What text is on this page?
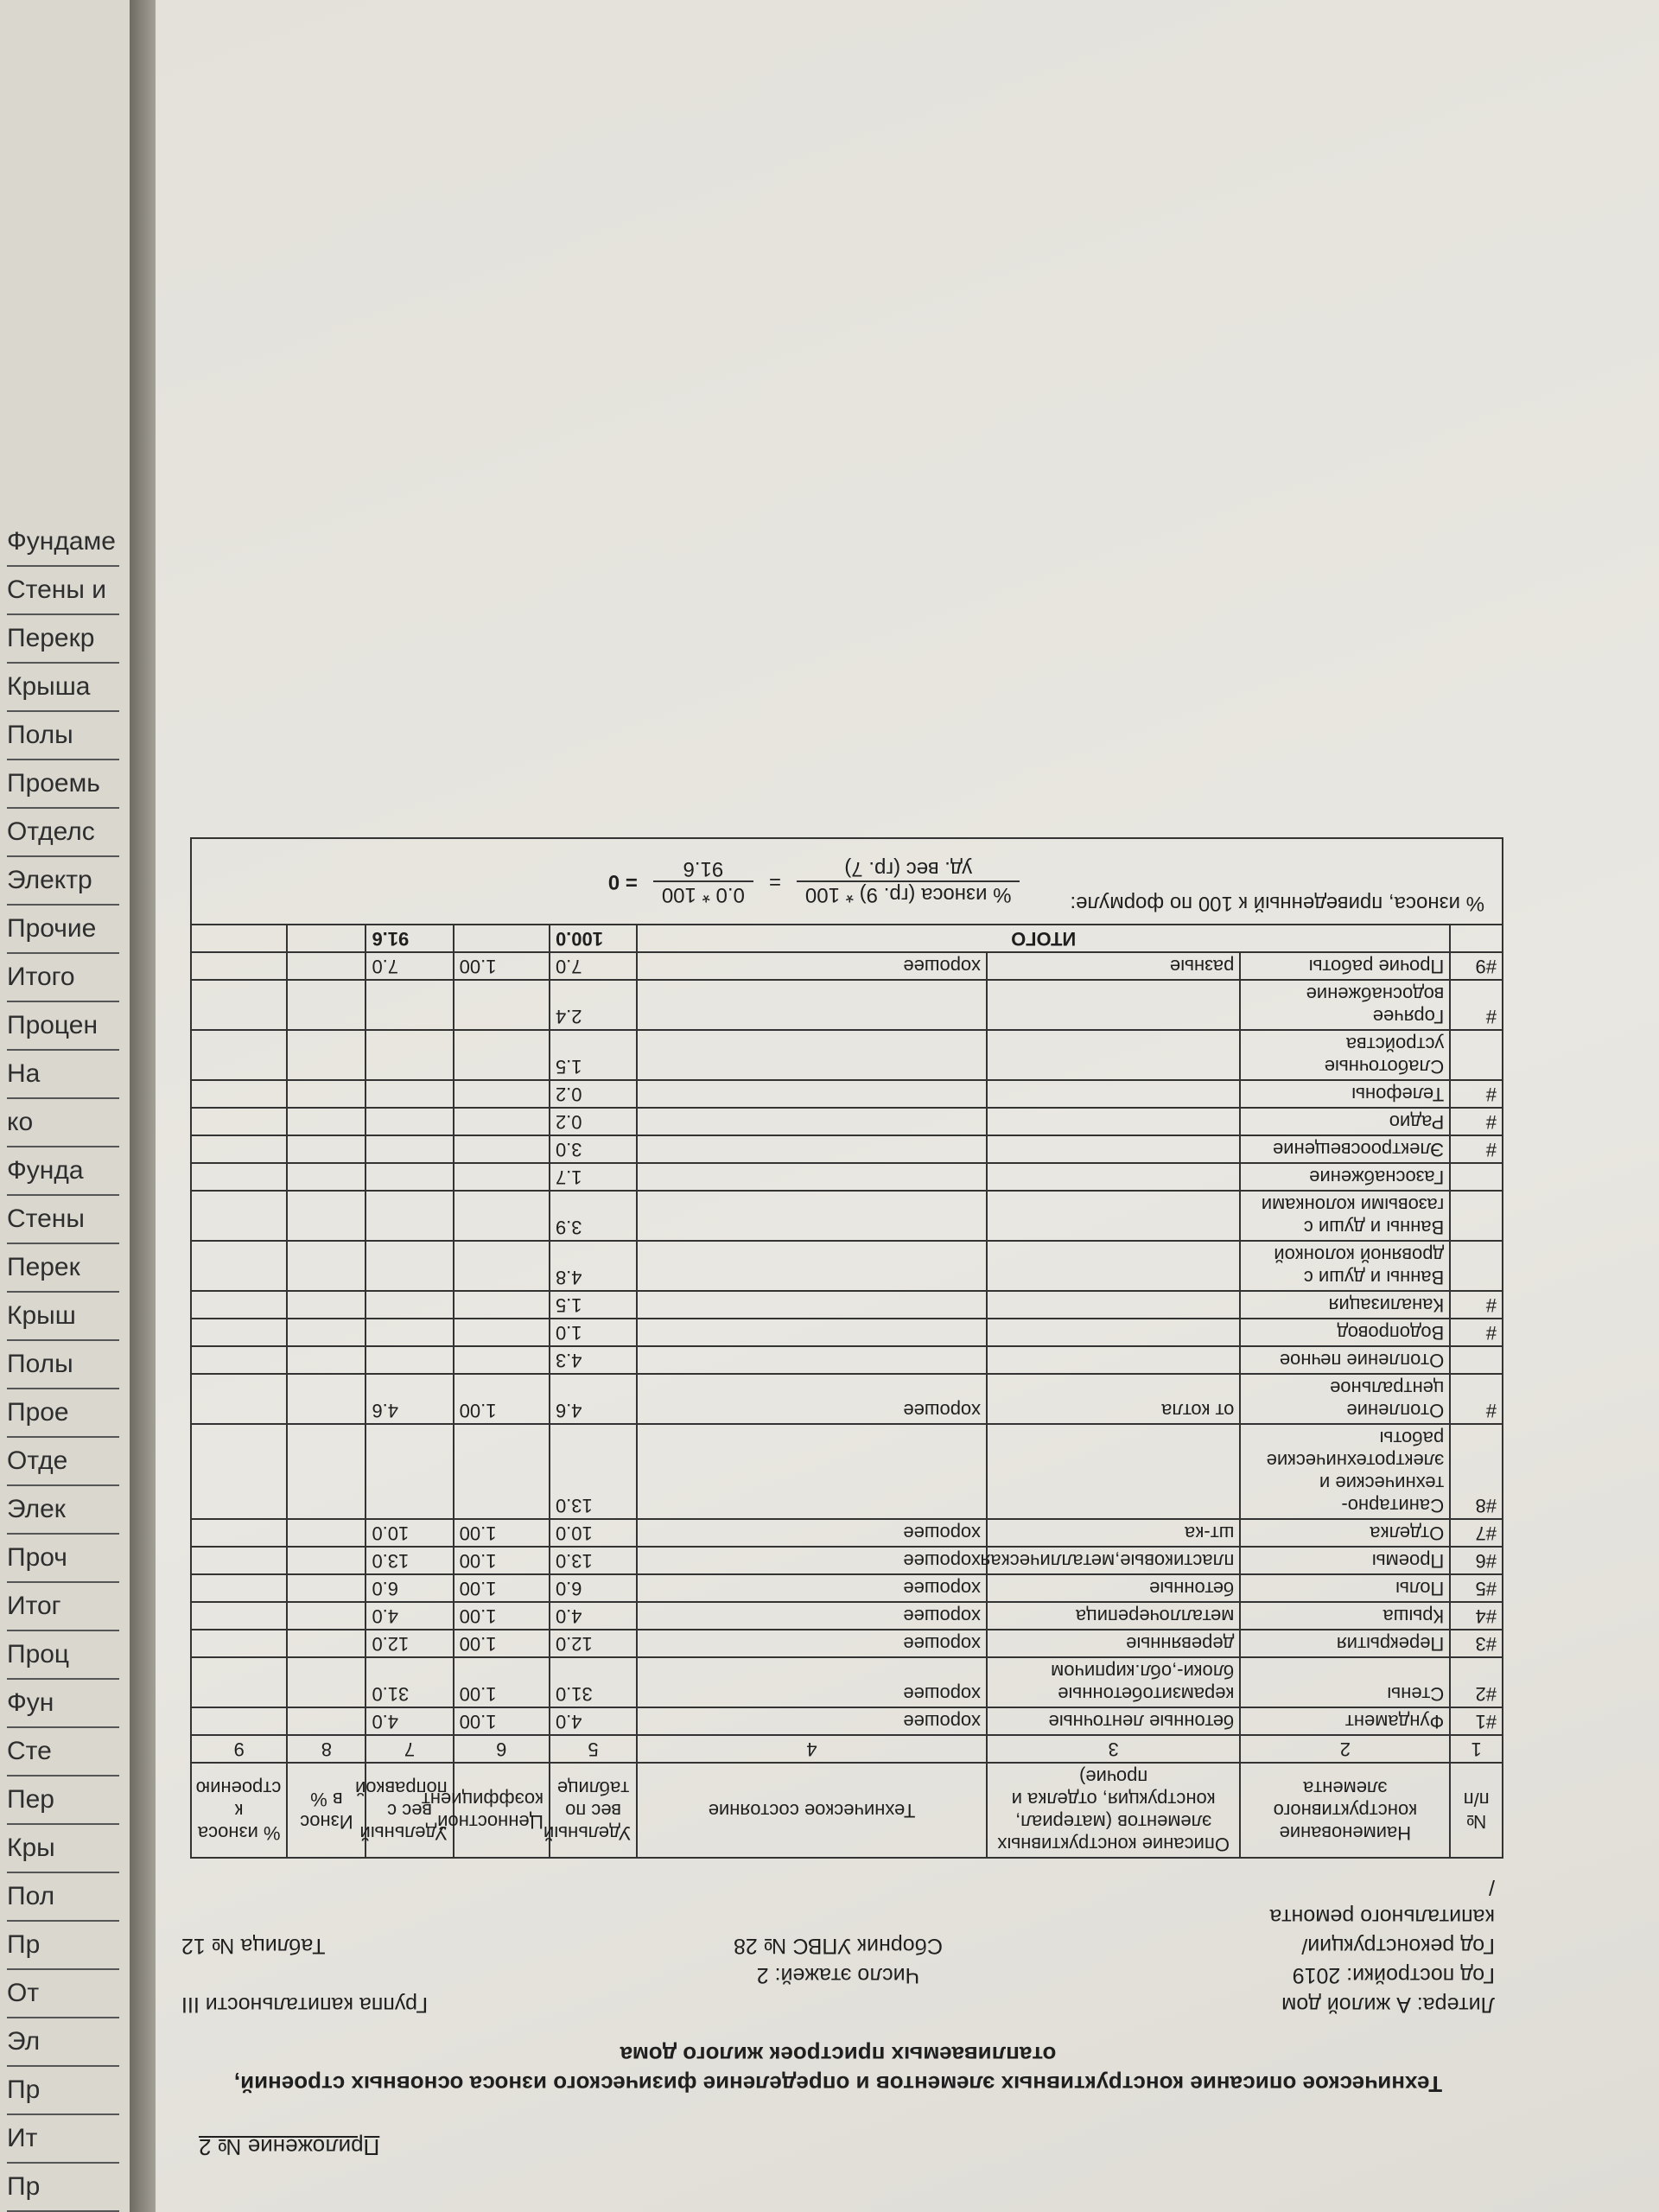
Фундаме
Стены и
Перекр
Крыша
Полы
Проемь
Отделс
Электр
Прочие
Итого
Процен
На
ко
Фунда
Стены
Перек
Крыш
Полы
Прое
Отде
Элек
Проч
Итог
Проц
Фун
Сте
Пер
Кры
Пол
Пр
От
Эл
Пр
Ит
Пр
Приложение № 2
Техническое описание конструктивных элементов и определение физического износа основных строений, отапливаемых пристроек жилого дома
Литера: А жилой дом
Год постройки: 2019
Год реконструкции/
капитального ремонта                                    /

Число этажей: 2
Сборник УПВС № 28
Группа капитальности III

Таблица № 12
№ п/п	Наименование конструктивного элемента	Описание конструктивных элементов (материал, конструкция, отделка и прочие)	Техническое состояние	Удельный вес по таблице	Ценностной коэффициент	Удельный вес с поправкой	Износ в %	% износа к строению
1	2	3	4	5	6	7	8	9
#1	Фундамент	бетонные ленточные	хорошее	4.0	1.00	4.0		
#2	Стены	керамзитобетонные блоки-,обл.кирпичом	хорошее	31.0	1.00	31.0		
#3	Перекрытия	деревянные	хорошее	12.0	1.00	12.0		
#4	Крыша	металлочерепица	хорошее	4.0	1.00	4.0		
#5	Полы	бетонные	хорошее	6.0	1.00	6.0		
#6	Проемы	пластиковые,металлическая	хорошее	13.0	1.00	13.0		
#7	Отделка	шт-ка	хорошее	10.0	1.00	10.0		
#8	Санитарно-технические и электротехнические работы			13.0				
#	Отопление центральное	от котла	хорошее	4.6	1.00	4.6		
	Отопление печное			4.3				
#	Водопровод			1.0				
#	Канализация			1.5				
	Ванны и души с дровяной колонкой			4.8				
	Ванны и души с газовыми колонками			3.9				
	Газоснабжение			1.7				
#	Электроосвещение			3.0				
#	Радио			0.2				
#	Телефоны			0.2				
	Слаботочные устройства			1.5				
#	Горячее водоснабжение			2.4				
#9	Прочие работы	разные	хорошее	7.0	1.00	7.0		
	ИТОГО			100.0		91.6		
% износа, приведенный к 100 по формуле:
% износа (гр. 9) * 100
уд. вес (гр. 7)
=
0.0 * 100
91.6
= 0
